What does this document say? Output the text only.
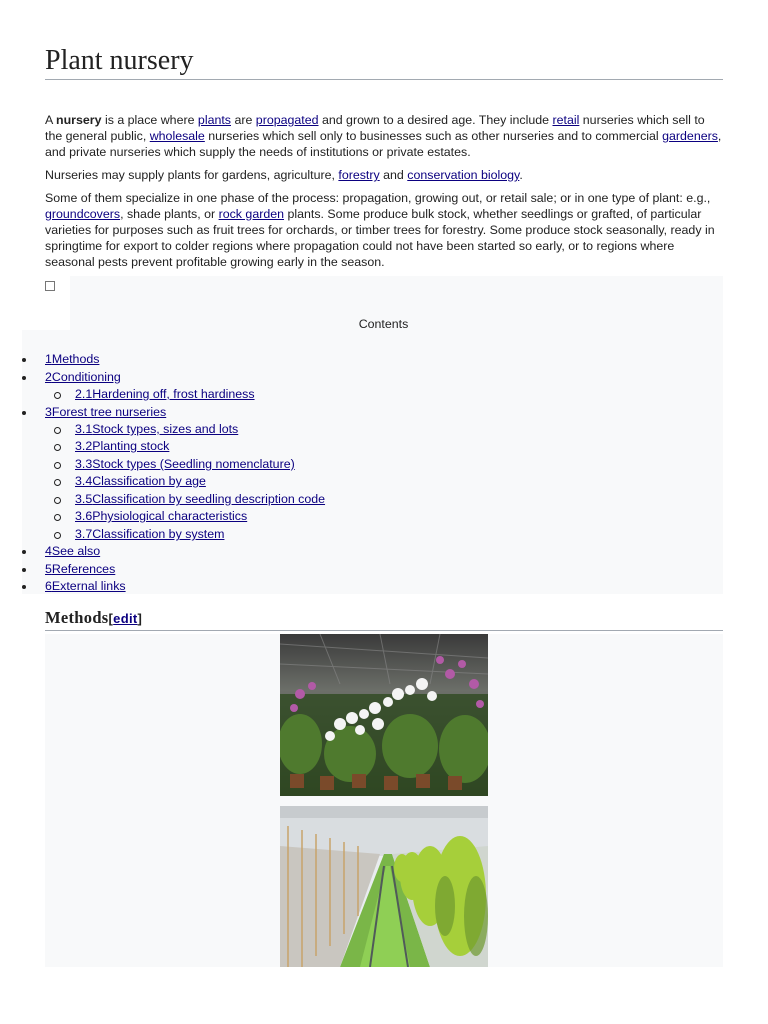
Plant nursery

A nursery is a place where plants are propagated and grown to a desired age. They include retail nurseries which sell to the general public, wholesale nurseries which sell only to businesses such as other nurseries and to commercial gardeners, and private nurseries which supply the needs of institutions or private estates.

Nurseries may supply plants for gardens, agriculture, forestry and conservation biology.

Some of them specialize in one phase of the process: propagation, growing out, or retail sale; or in one type of plant: e.g., groundcovers, shade plants, or rock garden plants. Some produce bulk stock, whether seedlings or grafted, of particular varieties for purposes such as fruit trees for orchards, or timber trees for forestry. Some produce stock seasonally, ready in springtime for export to colder regions where propagation could not have been started so early, or to regions where seasonal pests prevent profitable growing early in the season.

Contents
1Methods
2Conditioning
2.1Hardening off, frost hardiness
3Forest tree nurseries
3.1Stock types, sizes and lots
3.2Planting stock
3.3Stock types (Seedling nomenclature)
3.4Classification by age
3.5Classification by seedling description code
3.6Physiological characteristics
3.7Classification by system
4See also
5References
6External links
Methods[edit]
